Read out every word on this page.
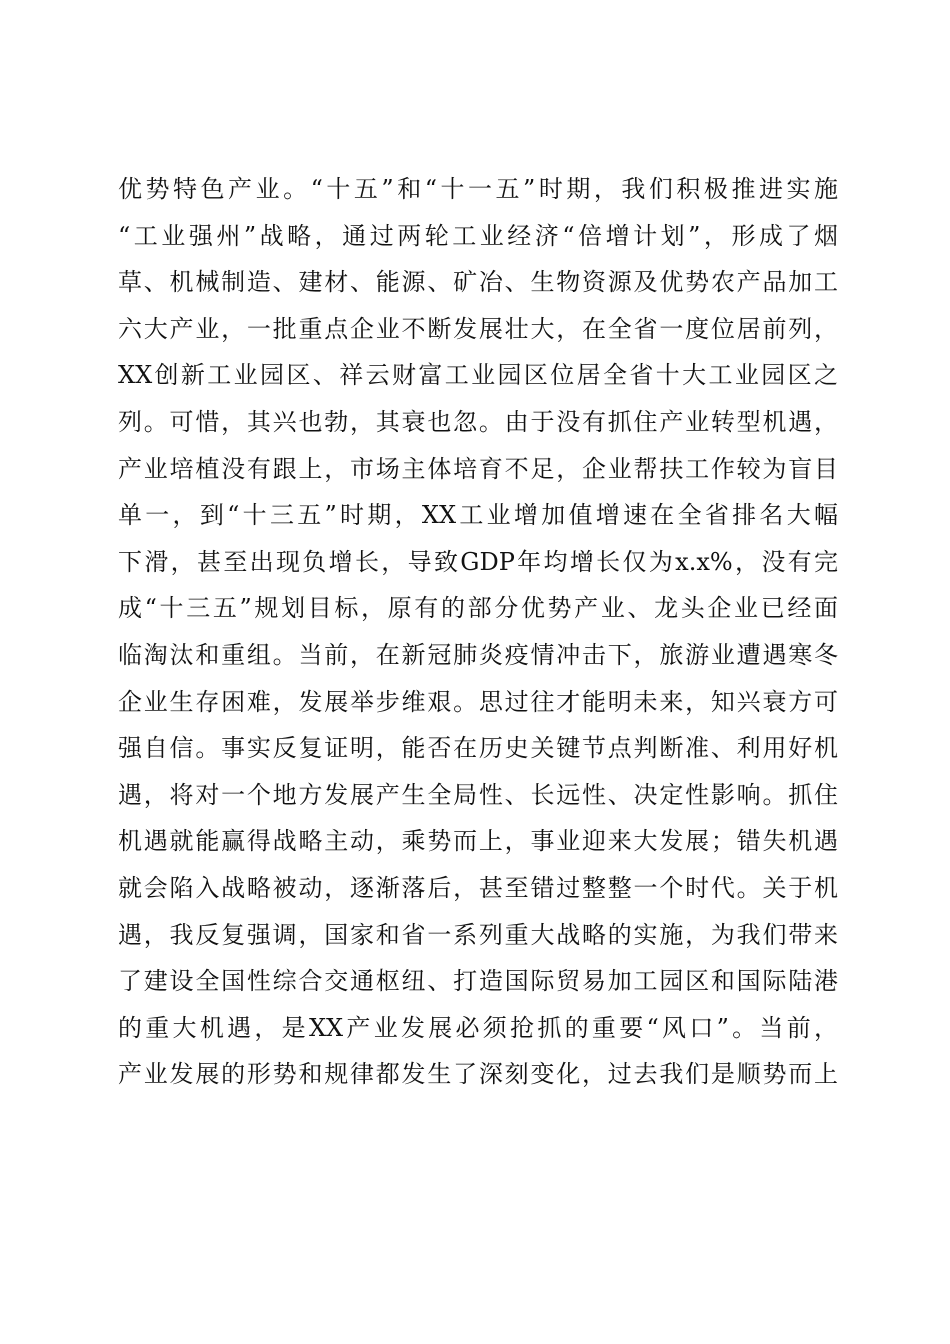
优势特色产业。“十五”和“十一五”时期，我们积极推进实施
“工业强州”战略，通过两轮工业经济“倍增计划”，形成了烟
草、机械制造、建材、能源、矿冶、生物资源及优势农产品加工
六大产业，一批重点企业不断发展壮大，在全省一度位居前列，
XX创新工业园区、祥云财富工业园区位居全省十大工业园区之
列。可惜，其兴也勃，其衰也忽。由于没有抓住产业转型机遇，
产业培植没有跟上，市场主体培育不足，企业帮扶工作较为盲目
单一，到“十三五”时期，XX工业增加值增速在全省排名大幅
下滑，甚至出现负增长，导致GDP年均增长仅为x.x%，没有完
成“十三五”规划目标，原有的部分优势产业、龙头企业已经面
临淘汰和重组。当前，在新冠肺炎疫情冲击下，旅游业遭遇寒冬
企业生存困难，发展举步维艰。思过往才能明未来，知兴衰方可
强自信。事实反复证明，能否在历史关键节点判断准、利用好机
遇，将对一个地方发展产生全局性、长远性、决定性影响。抓住
机遇就能赢得战略主动，乘势而上，事业迎来大发展；错失机遇
就会陷入战略被动，逐渐落后，甚至错过整整一个时代。关于机
遇，我反复强调，国家和省一系列重大战略的实施，为我们带来
了建设全国性综合交通枢纽、打造国际贸易加工园区和国际陆港
的重大机遇，是XX产业发展必须抢抓的重要“风口”。当前，
产业发展的形势和规律都发生了深刻变化，过去我们是顺势而上
